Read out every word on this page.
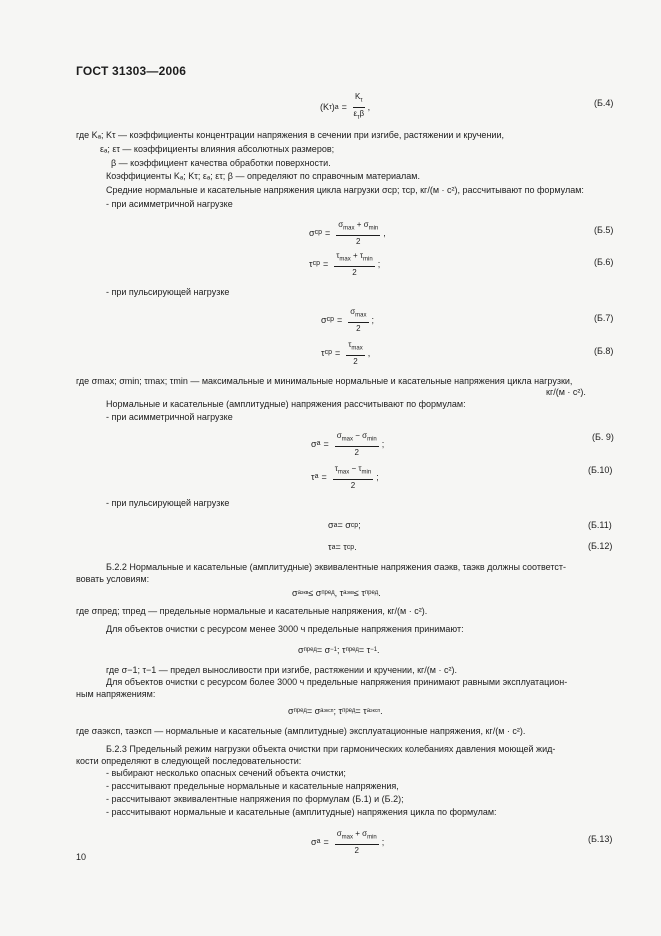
ГОСТ 31303—2006
(K τ ) $a = \frac{K_\tau}{\varepsilon_\tau\beta}$ ,	(Б.4)
где Kₐ; Kτ — коэффициенты концентрации напряжения в сечении при изгибе, растяжении и кручении,
εₐ; ετ — коэффициенты влияния абсолютных размеров;
β — коэффициент качества обработки поверхности.
Коэффициенты Kₐ; Kτ; εₐ; ετ; β — определяют по справочным материалам.
Средние нормальные и касательные напряжения цикла нагрузки σср; τср, кг/(м · с²), рассчитывают по формулам:
- при асимметричной нагрузке
σ ср = $\frac{\sigma_{max} + \sigma_{min}}{2}$ ,	(Б.5)
τ ср = $\frac{\tau_{max} + \tau_{min}}{2}$ ;	(Б.6)
- при пульсирующей нагрузке
σ ср = $\frac{\sigma_{max}}{2}$ ;	(Б.7)
τ ср = $\frac{\tau_{max}}{2}$ ,	(Б.8)
где σmax; σmin; τmax; τmin — максимальные и минимальные нормальные и касательные напряжения цикла нагрузки,
кг/(м · с²).
Нормальные и касательные (амплитудные) напряжения рассчитывают по формулам:
- при асимметричной нагрузке
σ $а = \frac{\sigma_{max} - \sigma_{min}}{2}$ ;
(Б. 9)
τ $а = \frac{\tau_{max} - \tau_{min}}{2}$ ;
(Б.10)
- при пульсирующей нагрузке
σ а = σ ср ;	(Б.11)
τ а = τ ср .	(Б.12)
Б.2.2 Нормальные и касательные (амплитудные) эквивалентные напряжения σаэкв, τаэкв должны соответст-
вовать условиям:
σ аэкв ≤ σ пред , τ аэкв ≤ τ пред .
где σпред; τпред — предельные нормальные и касательные напряжения, кг/(м · с²).
Для объектов очистки с ресурсом менее 3000 ч предельные напряжения принимают:
σ пред = σ −1 ; τ пред = τ −1 .
где σ−1; τ−1 — предел выносливости при изгибе, растяжении и кручении, кг/(м · с²).
Для объектов очистки с ресурсом более 3000 ч предельные напряжения принимают равными эксплуатацион-
ным напряжениям:
σ пред = σ аэксп ; τ пред = τ аэксп .
где σаэксп, τаэксп — нормальные и касательные (амплитудные) эксплуатационные напряжения, кг/(м · с²).
Б.2.3 Предельный режим нагрузки объекта очистки при гармонических колебаниях давления моющей жид-
кости определяют в следующей последовательности:
- выбирают несколько опасных сечений объекта очистки;
- рассчитывают предельные нормальные и касательные напряжения,
- рассчитывают эквивалентные напряжения по формулам (Б.1) и (Б.2);
- рассчитывают нормальные и касательные (амплитудные) напряжения цикла по формулам:
σ $а = \frac{\sigma_{max} + \sigma_{min}}{2}$ ;	(Б.13)
10
